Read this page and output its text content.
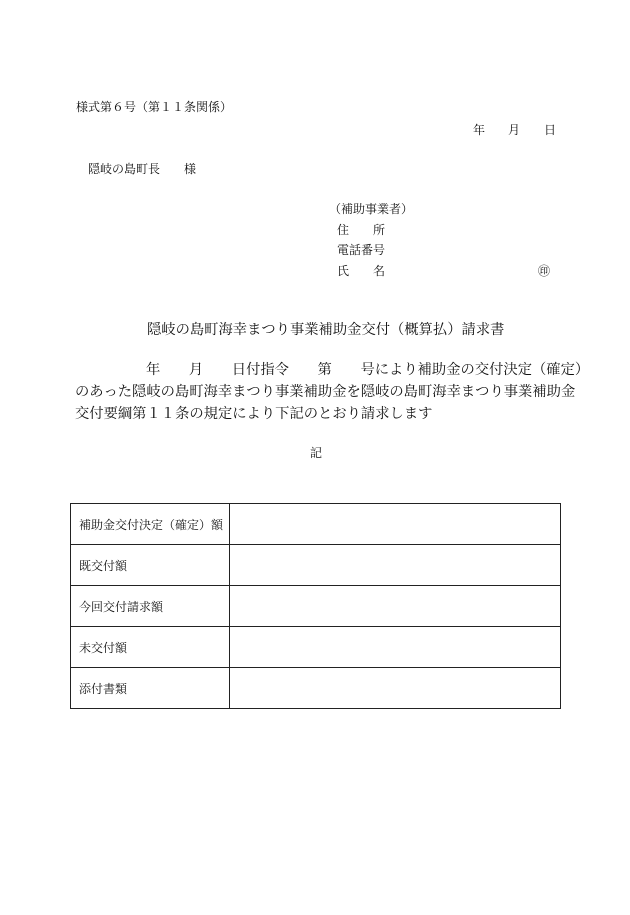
様式第６号（第１１条関係）
年 月 日
隠岐の島町長　　様
（補助事業者）
住　　所
電話番号
氏　　名	㊞
隠岐の島町海幸まつり事業補助金交付（概算払）請求書
年　　月　　日付指令　　第　　号により補助金の交付決定（確定）
のあった隠岐の島町海幸まつり事業補助金を隠岐の島町海幸まつり事業補助金
交付要綱第１１条の規定により下記のとおり請求します
記
補助金交付決定（確定）額	
既交付額	
今回交付請求額	
未交付額	
添付書類	
